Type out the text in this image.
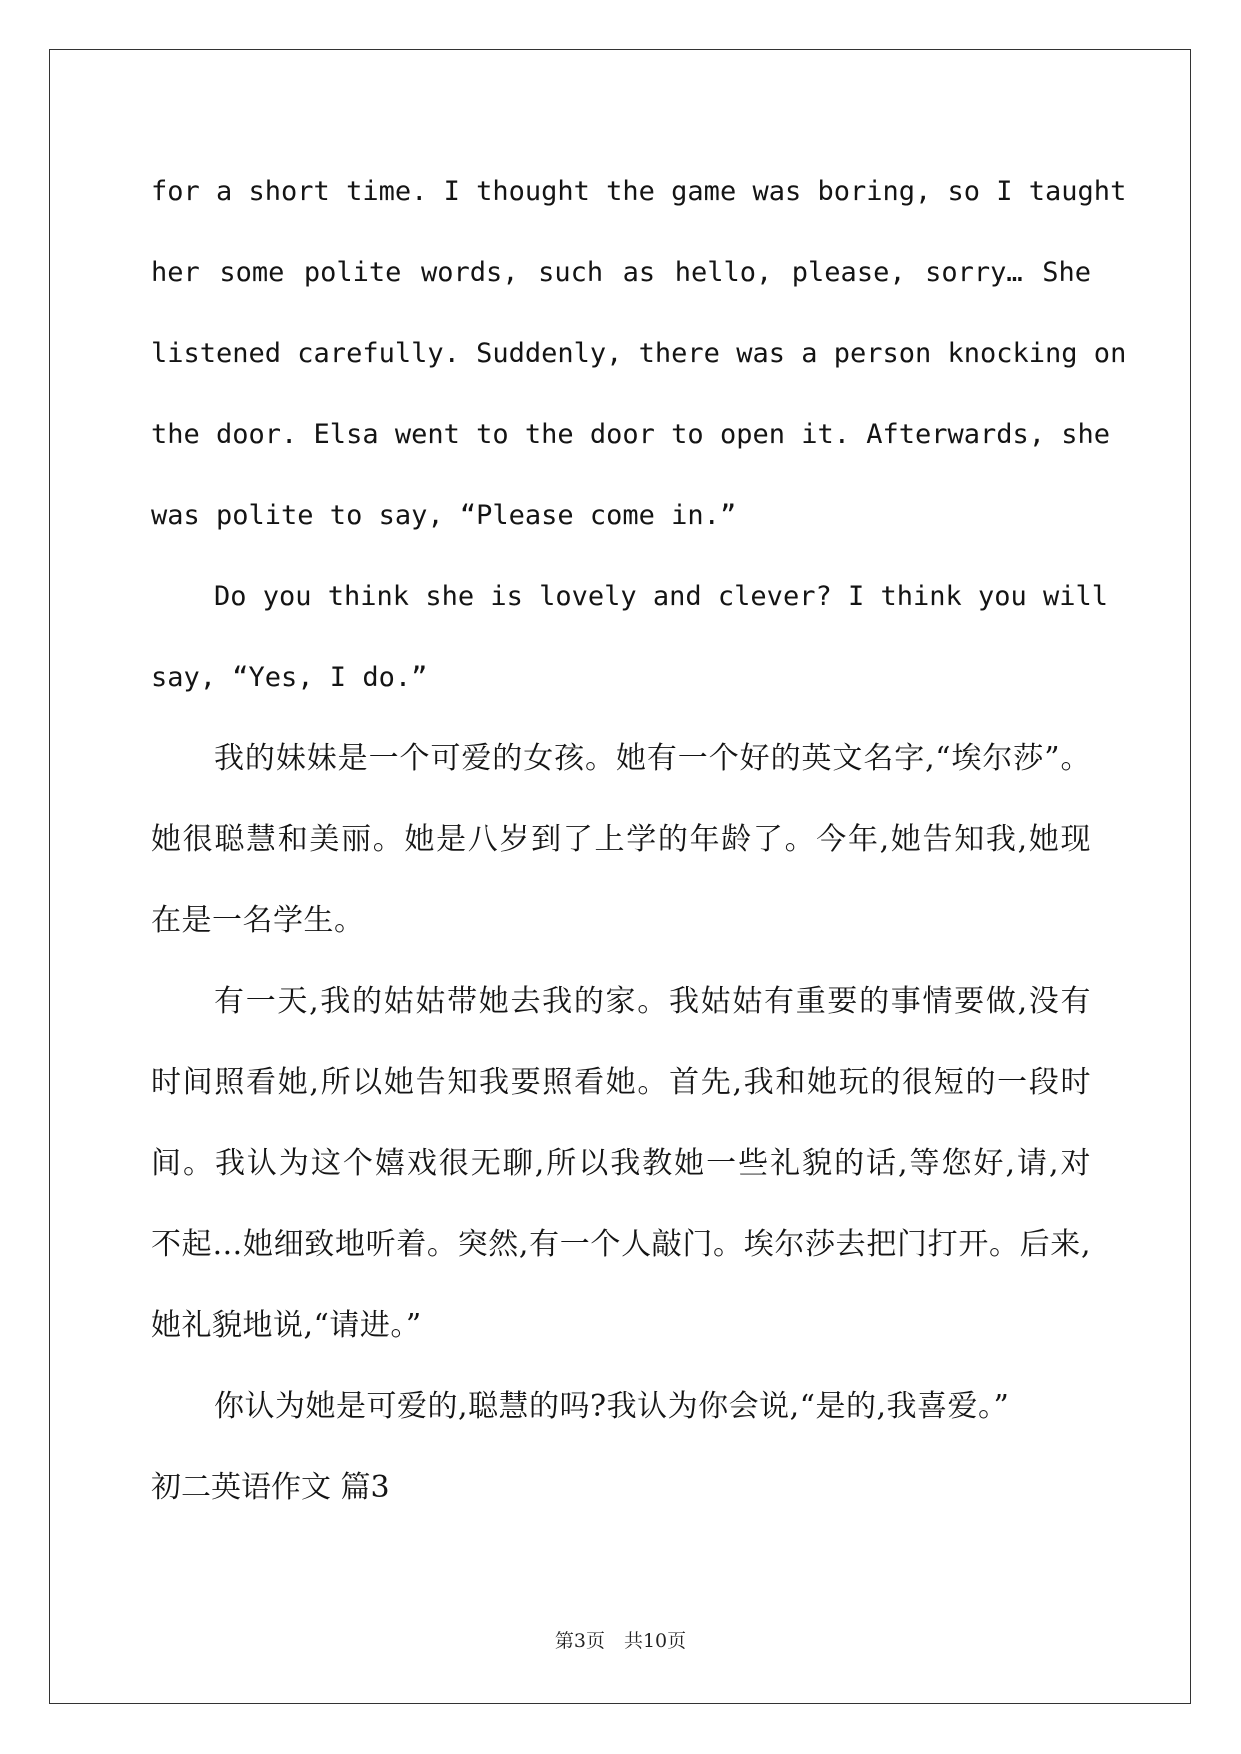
for a short time. I thought the game was boring, so I taught
her some polite words, such as hello, please, sorry… She
listened carefully. Suddenly, there was a person knocking on
the door. Elsa went to the door to open it. Afterwards, she
was polite to say, “Please come in.”
Do you think she is lovely and clever? I think you will
say, “Yes, I do.”
我的妹妹是一个可爱的女孩。她有一个好的英文名字,“埃尔莎”。
她很聪慧和美丽。她是八岁到了上学的年龄了。今年,她告知我,她现
在是一名学生。
有一天,我的姑姑带她去我的家。我姑姑有重要的事情要做,没有
时间照看她,所以她告知我要照看她。首先,我和她玩的很短的一段时
间。我认为这个嬉戏很无聊,所以我教她一些礼貌的话,等您好,请,对
不起…她细致地听着。突然,有一个人敲门。埃尔莎去把门打开。后来,
她礼貌地说,“请进。”
你认为她是可爱的,聪慧的吗?我认为你会说,“是的,我喜爱。”
初二英语作文 篇3
第3页　共10页
